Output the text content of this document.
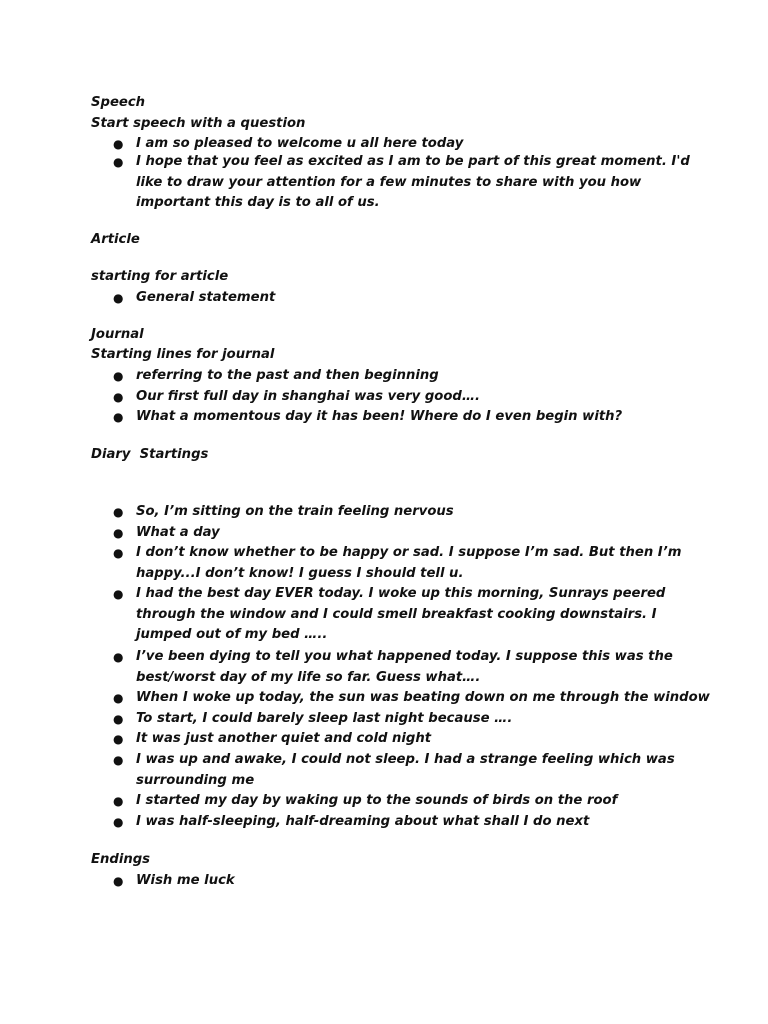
Speech
Start speech with a question
● I am so pleased to welcome u all here today
● I hope that you feel as excited as I am to be part of this great moment. I'd like to draw your attention for a few minutes to share with you how important this day is to all of us.
Article
starting for article
● General statement
Journal
Starting lines for journal
● referring to the past and then beginning
● Our first full day in shanghai was very good….
● What a momentous day it has been! Where do I even begin with?
Diary  Startings
● So, I’m sitting on the train feeling nervous
● What a day
● I don’t know whether to be happy or sad. I suppose I’m sad. But then I’m happy...I don’t know! I guess I should tell u.
● I had the best day EVER today. I woke up this morning, Sunrays peered through the window and I could smell breakfast cooking downstairs. I jumped out of my bed …..
● I’ve been dying to tell you what happened today. I suppose this was the best/worst day of my life so far. Guess what….
● When I woke up today, the sun was beating down on me through the window
● To start, I could barely sleep last night because ….
● It was just another quiet and cold night
● I was up and awake, I could not sleep. I had a strange feeling which was surrounding me
● I started my day by waking up to the sounds of birds on the roof
● I was half-sleeping, half-dreaming about what shall I do next
Endings
● Wish me luck
